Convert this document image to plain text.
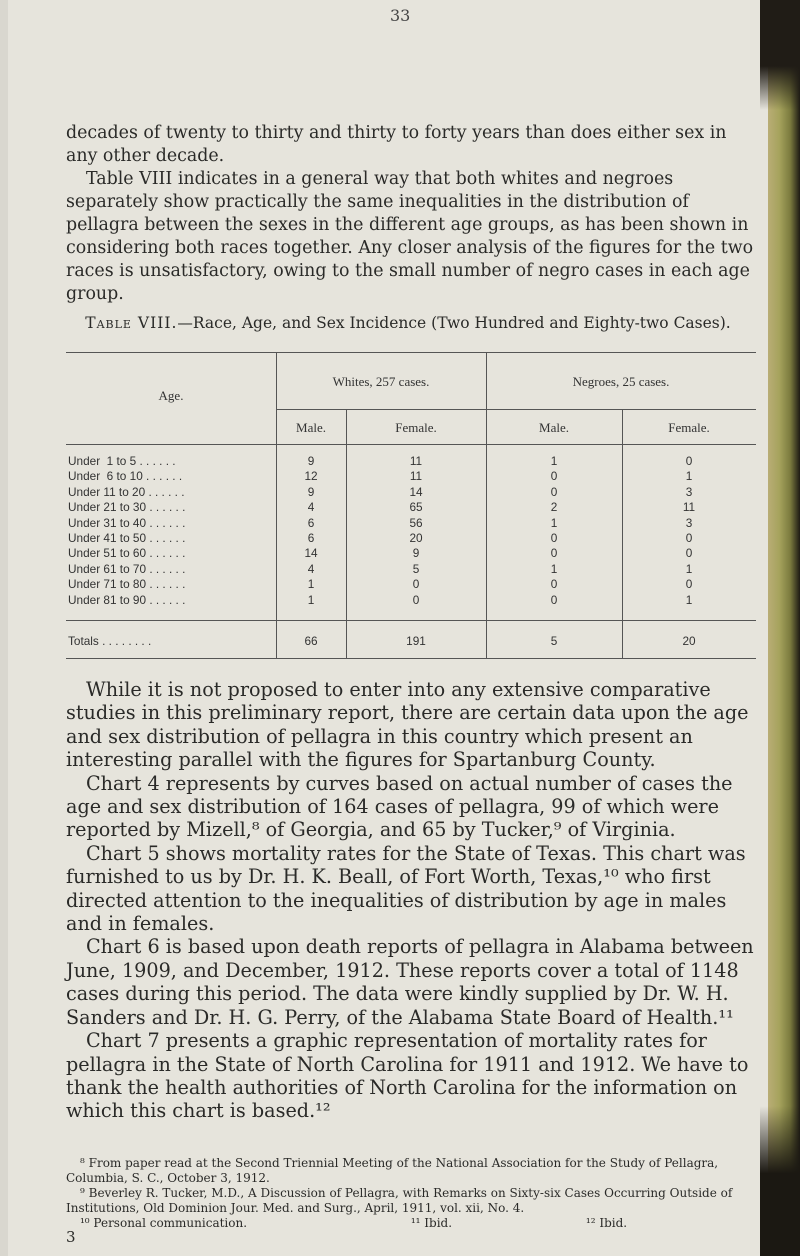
33
decades of twenty to thirty and thirty to forty years than does either sex in any other decade.
Table VIII indicates in a general way that both whites and negroes separately show practically the same inequalities in the distribution of pellagra between the sexes in the different age groups, as has been shown in considering both races together. Any closer analysis of the figures for the two races is unsatisfactory, owing to the small number of negro cases in each age group.
Table VIII.—Race, Age, and Sex Incidence (Two Hundred and Eighty-two Cases).
Age.
Whites, 257 cases.	Negroes, 25 cases.
Male.	Female.	Male.	Female.
Under  1 to 5 . . . . . .	9	11	1	0
Under  6 to 10 . . . . . .	12	11	0	1
Under 11 to 20 . . . . . .	9	14	0	3
Under 21 to 30 . . . . . .	4	65	2	11
Under 31 to 40 . . . . . .	6	56	1	3
Under 41 to 50 . . . . . .	6	20	0	0
Under 51 to 60 . . . . . .	14	9	0	0
Under 61 to 70 . . . . . .	4	5	1	1
Under 71 to 80 . . . . . .	1	0	0	0
Under 81 to 90 . . . . . .	1	0	0	1
Totals . . . . . . . .	66	191	5	20
While it is not proposed to enter into any extensive comparative studies in this preliminary report, there are certain data upon the age and sex distribution of pellagra in this country which present an interesting parallel with the figures for Spartanburg County.
Chart 4 represents by curves based on actual number of cases the age and sex distribution of 164 cases of pellagra, 99 of which were reported by Mizell,⁸ of Georgia, and 65 by Tucker,⁹ of Virginia.
Chart 5 shows mortality rates for the State of Texas. This chart was furnished to us by Dr. H. K. Beall, of Fort Worth, Texas,¹⁰ who first directed attention to the inequalities of distribution by age in males and in females.
Chart 6 is based upon death reports of pellagra in Alabama between June, 1909, and December, 1912. These reports cover a total of 1148 cases during this period. The data were kindly supplied by Dr. W. H. Sanders and Dr. H. G. Perry, of the Alabama State Board of Health.¹¹
Chart 7 presents a graphic representation of mortality rates for pellagra in the State of North Carolina for 1911 and 1912. We have to thank the health authorities of North Carolina for the information on which this chart is based.¹²
⁸ From paper read at the Second Triennial Meeting of the National Association for the Study of Pellagra, Columbia, S. C., October 3, 1912.
⁹ Beverley R. Tucker, M.D., A Discussion of Pellagra, with Remarks on Sixty-six Cases Occurring Outside of Institutions, Old Dominion Jour. Med. and Surg., April, 1911, vol. xii, No. 4.
¹⁰ Personal communication.	¹¹ Ibid.	¹² Ibid.
3
